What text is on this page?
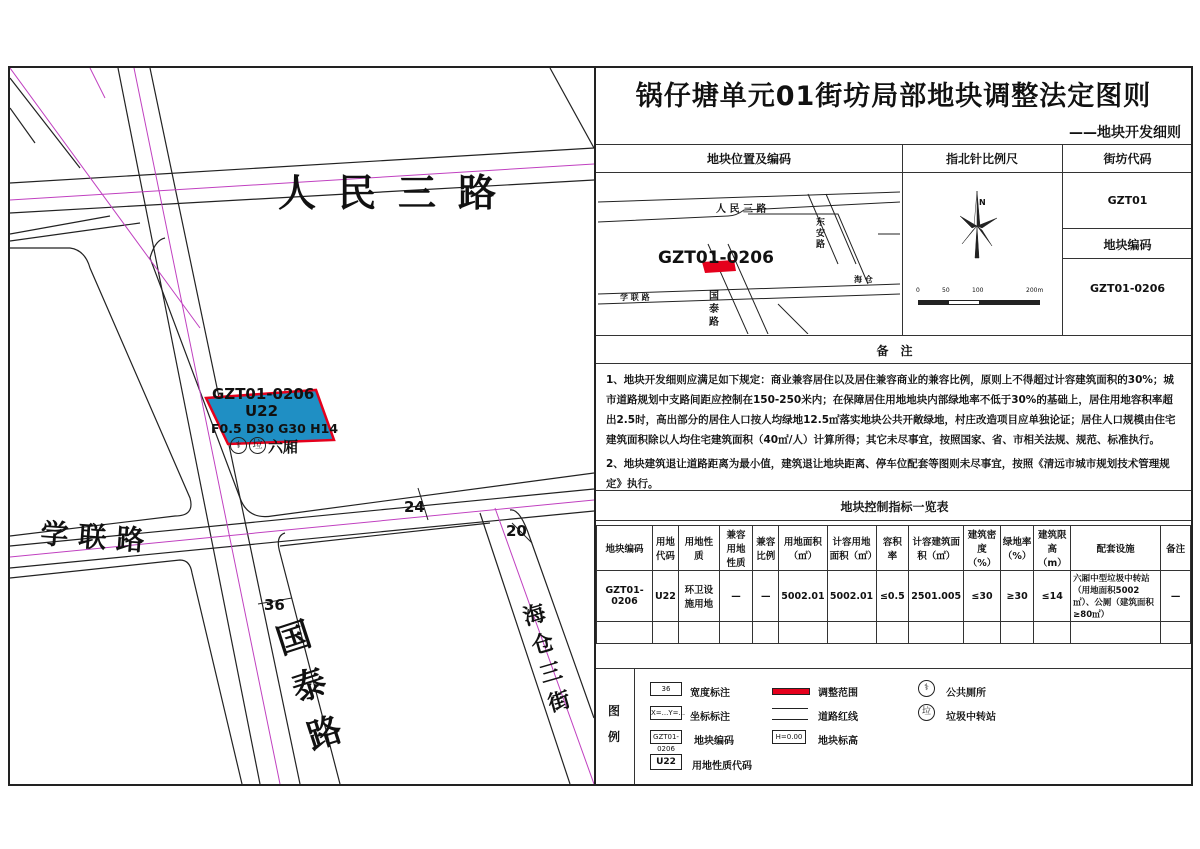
人民三路
学联路
国泰路
海仓三街
24
20
36
GZT01-0206
U22
F0.5 D30 G30 H14
⚕	垃 六厢
锅仔塘单元01街坊局部地块调整法定图则
——地块开发细则
地块位置及编码	指北针比例尺	街坊代码
GZT01
地块编码
GZT01-0206
人 民 三 路
学 联 路	国 泰 路
东 安 路
海 仓
GZT01-0206
N
0	50	100	200m
备　注

1、地块开发细则应满足如下规定：商业兼容居住以及居住兼容商业的兼容比例，原则上不得超过计容建筑面积的30%；城市道路规划中支路间距应控制在150-250米内；在保障居住用地地块内部绿地率不低于30%的基础上，居住用地容积率超出2.5时，高出部分的居住人口按人均绿地12.5㎡落实地块公共开敞绿地，村庄改造项目应单独论证；居住人口规模由住宅建筑面积除以人均住宅建筑面积（40㎡/人）计算所得；其它未尽事宜，按照国家、省、市相关法规、规范、标准执行。

2、地块建筑退让道路距离为最小值，建筑退让地块距离、停车位配套等图则未尽事宜，按照《清远市城市规划技术管理规定》执行。

地块控制指标一览表
地块编码	用地代码	用地性质	兼容用地性质	兼容比例	用地面积（㎡）	计容用地面积（㎡）	容积率	计容建筑面积（㎡）	建筑密度（%）	绿地率（%）	建筑限高（m）	配套设施	备注
GZT01-0206	U22	环卫设施用地	—	—	5002.01	5002.01	≤0.5	2501.005	≤30	≥30	≤14	六厢中型垃圾中转站（用地面积5002㎡）、公厕（建筑面积≥80㎡）	—

图　例
36	宽度标注
X=...Y=... 坐标标注
GZT01-0206
地块编码
U22	用地性质代码
调整范围
道路红线
H=0.00	地块标高
⚕	公共厕所
垃	垃圾中转站
